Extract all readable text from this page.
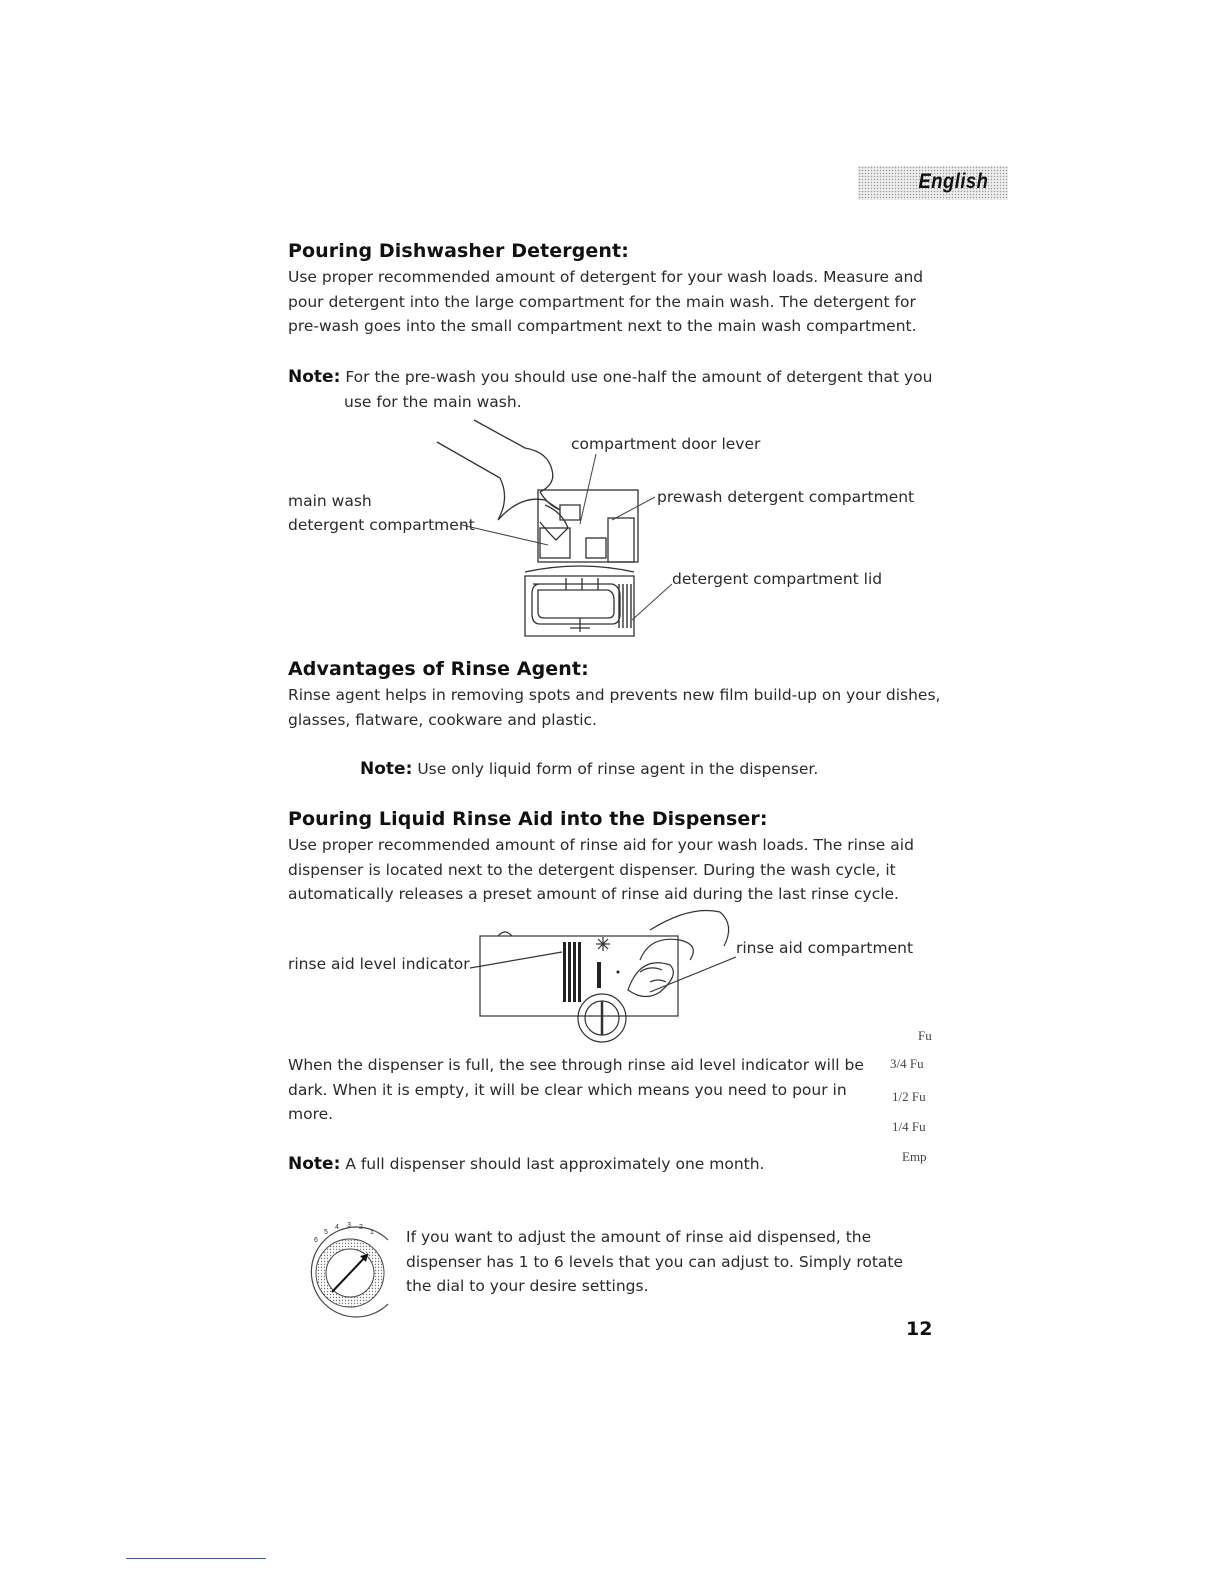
English
Pouring Dishwasher Detergent:
Use proper recommended amount of detergent for your wash loads. Measure and
pour detergent into the large compartment for the main wash. The detergent for
pre-wash goes into the small compartment next to the main wash compartment.
Note: For the pre-wash you should use one-half the amount of detergent that you
use for the main wash.
compartment door lever
main wash
detergent compartment
prewash detergent compartment
detergent compartment lid
Advantages of Rinse Agent:
Rinse agent helps in removing spots and prevents new film build-up on your dishes,
glasses, flatware, cookware and plastic.
Note: Use only liquid form of rinse agent in the dispenser.
Pouring Liquid Rinse Aid into the Dispenser:
Use proper recommended amount of rinse aid for your wash loads. The rinse aid
dispenser is located next to the detergent dispenser. During the wash cycle, it
automatically releases a preset amount of rinse aid during the last rinse cycle.
rinse aid level indicator
rinse aid compartment
Fu
3/4 Fu
1/2 Fu
1/4 Fu
Emp
When the dispenser is full, the see through rinse aid level indicator will be
dark. When it is empty, it will be clear which means you need to pour in
more.
Note: A full dispenser should last approximately one month.
6
5
4 3 2
1 If you want to adjust the amount of rinse aid dispensed, the
dispenser has 1 to 6 levels that you can adjust to. Simply rotate
the dial to your desire settings.
12
